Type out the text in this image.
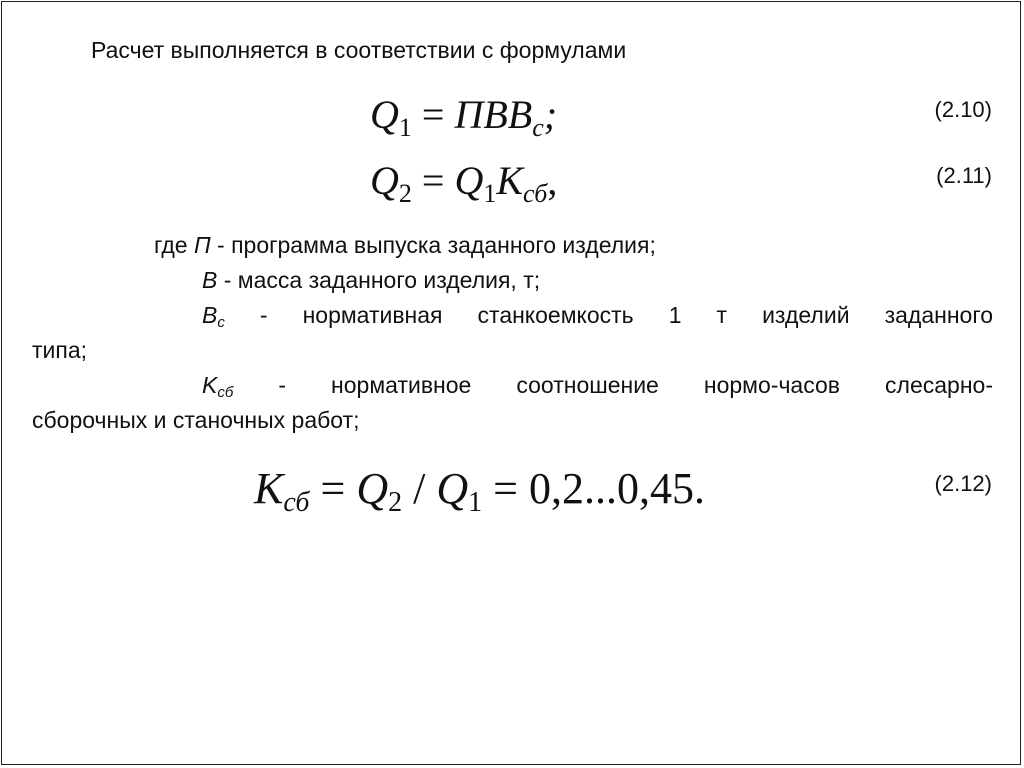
Расчет выполняется в соответствии с формулами
$Q_1 = ПВB_c$;	(2.10)
$Q_2 = Q_1K_{сб}$,	(2.11)
где П - программа выпуска заданного изделия;
B - масса заданного изделия, т;
$B_c$ - нормативная станкоемкость 1 т изделий заданного
типа;
$K_{сб}$ - нормативное соотношение нормо-часов слесарно-
сборочных и станочных работ;
$K_{сб} = Q_2 / Q_1 = 0,2...0,45$.	(2.12)
